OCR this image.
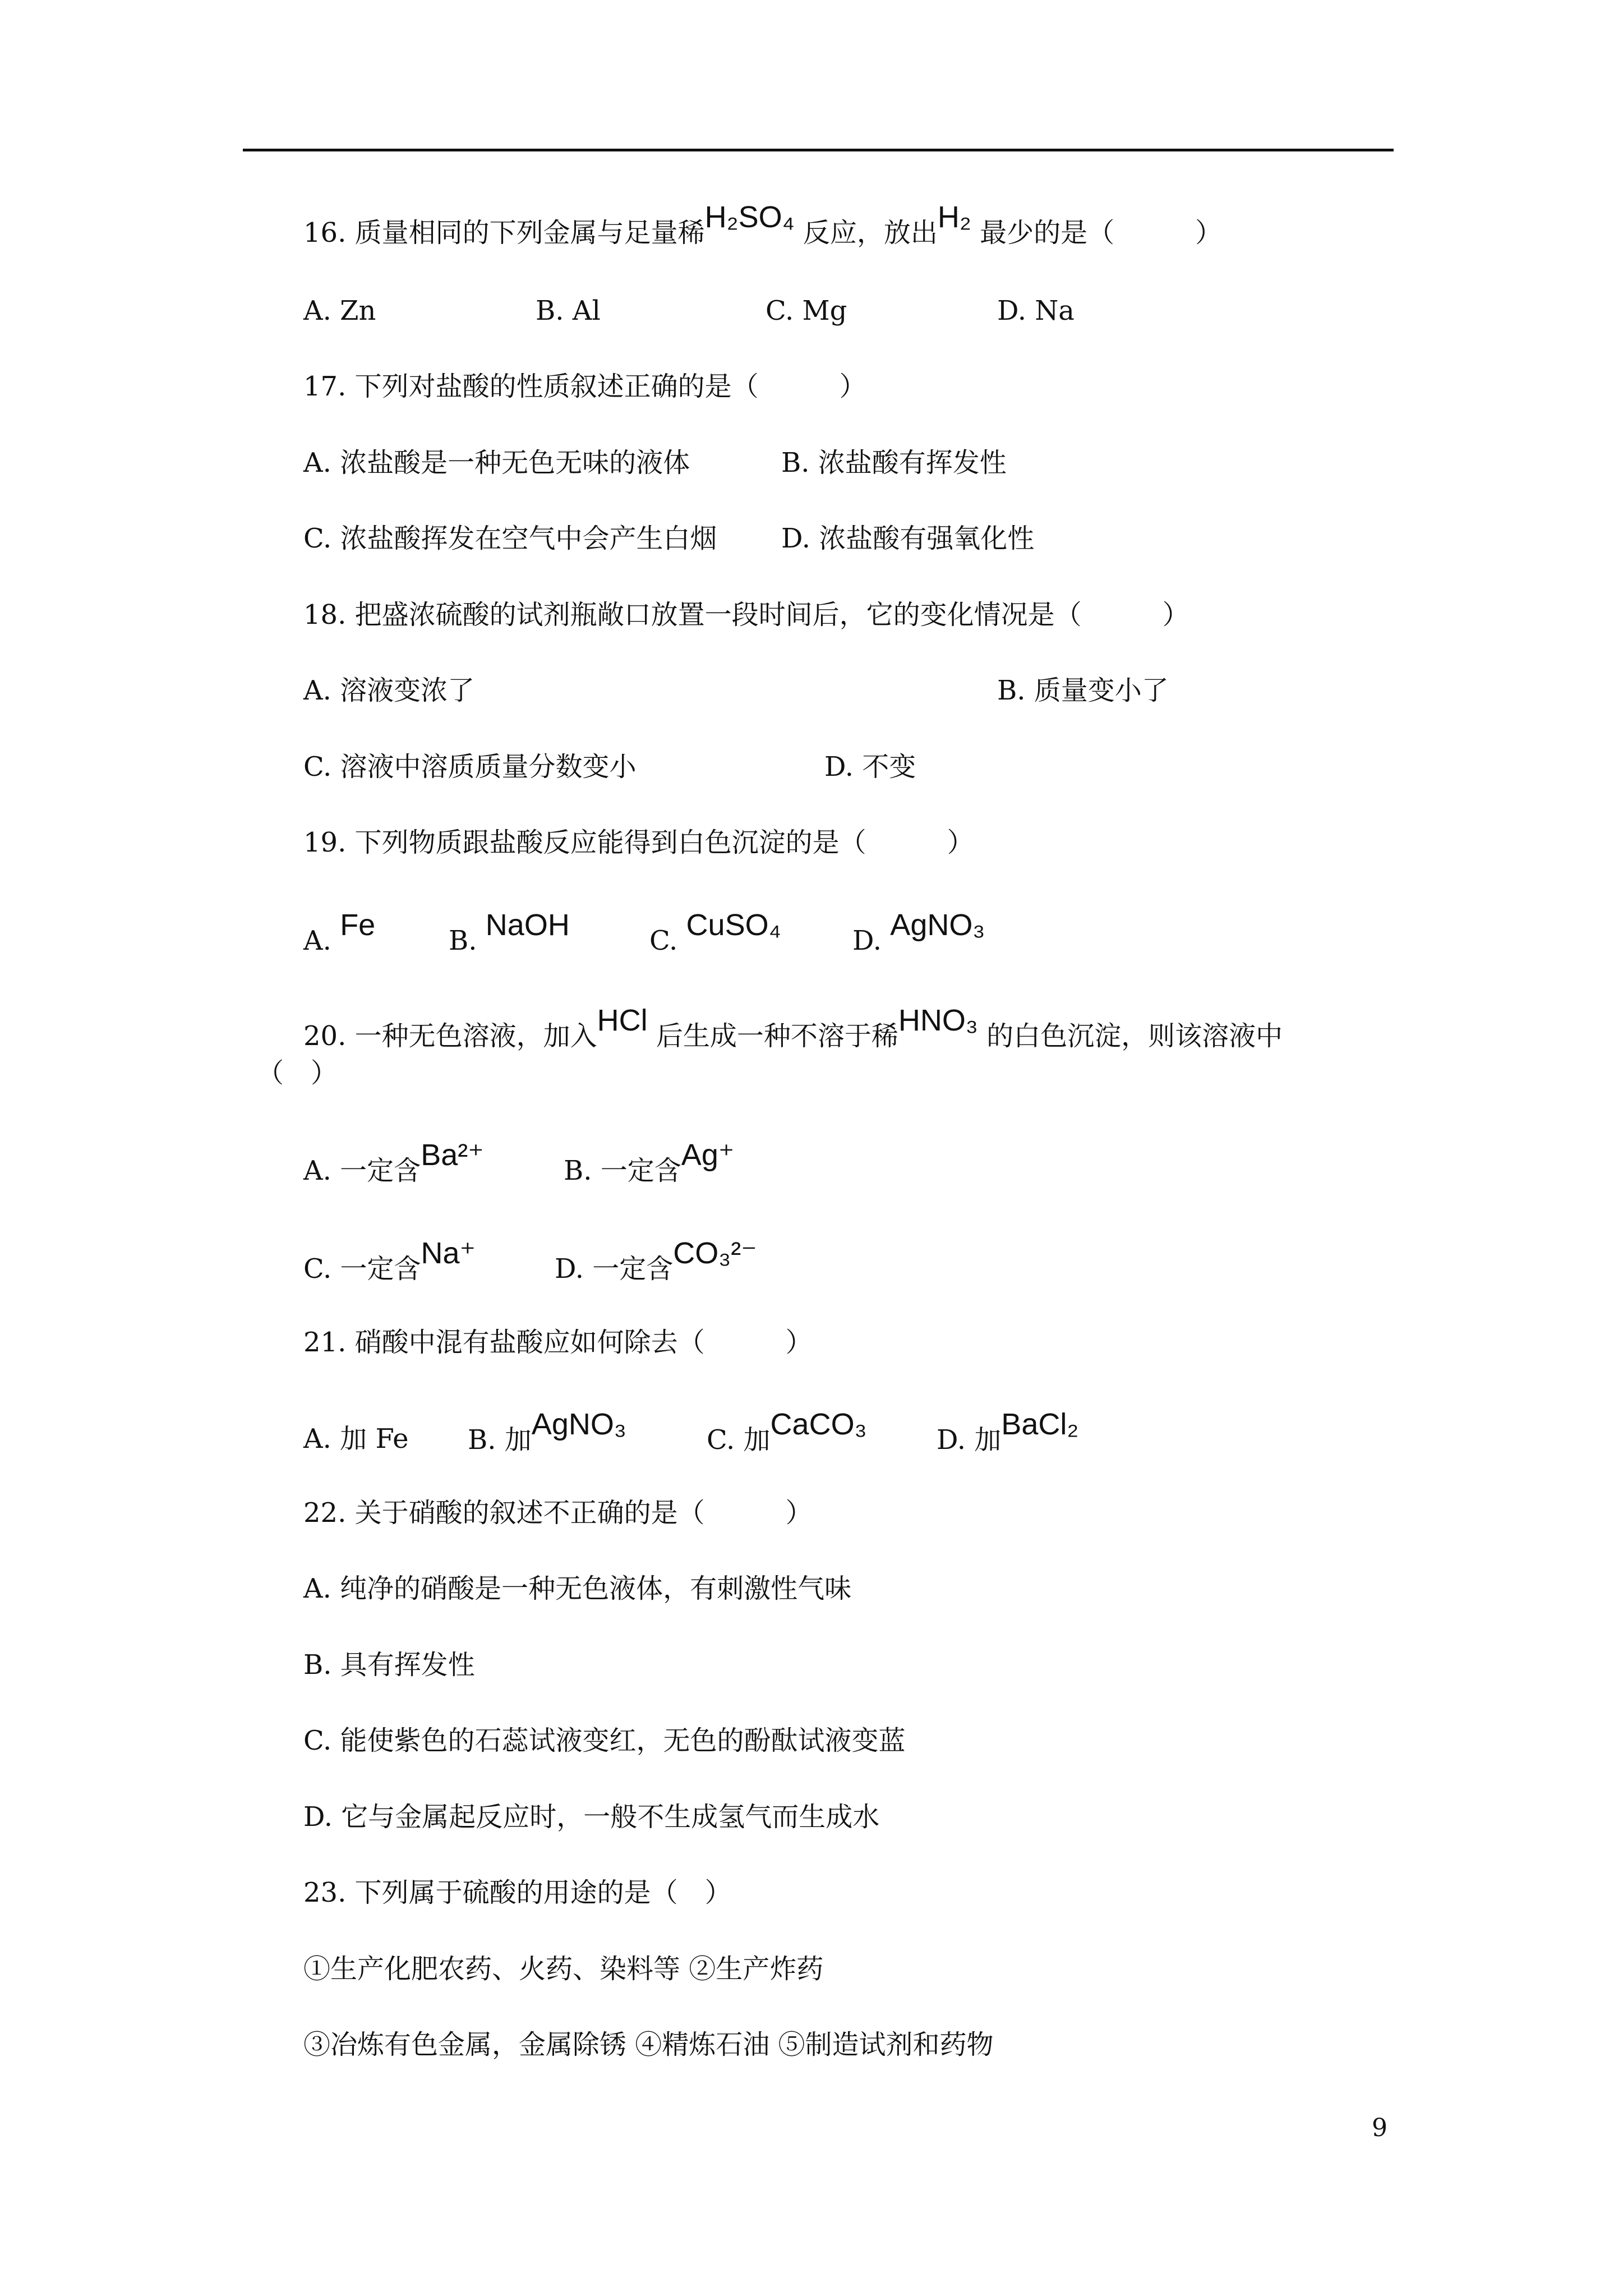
16. 质量相同的下列金属与足量稀H₂SO₄ 反应，放出H₂ 最少的是（　　　）
A. Zn	B. Al	C. Mg	D. Na
17. 下列对盐酸的性质叙述正确的是（　　　）
A. 浓盐酸是一种无色无味的液体	B. 浓盐酸有挥发性
C. 浓盐酸挥发在空气中会产生白烟 D. 浓盐酸有强氧化性
18. 把盛浓硫酸的试剂瓶敞口放置一段时间后，它的变化情况是（　　　）
A. 溶液变浓了	B. 质量变小了
C. 溶液中溶质质量分数变小	D. 不变
19. 下列物质跟盐酸反应能得到白色沉淀的是（　　　）
A. Fe	B. NaOH	C. CuSO₄	D. AgNO₃
20. 一种无色溶液，加入HCl 后生成一种不溶于稀HNO₃ 的白色沉淀，则该溶液中
（　）
A. 一定含Ba²⁺	B. 一定含Ag⁺
C. 一定含Na⁺	D. 一定含CO₃²⁻
21. 硝酸中混有盐酸应如何除去（　　　）
A. 加 Fe B. 加AgNO₃	C. 加CaCO₃	D. 加BaCl₂
22. 关于硝酸的叙述不正确的是（　　　）
A. 纯净的硝酸是一种无色液体，有刺激性气味
B. 具有挥发性
C. 能使紫色的石蕊试液变红，无色的酚酞试液变蓝
D. 它与金属起反应时，一般不生成氢气而生成水
23. 下列属于硫酸的用途的是（　）
①生产化肥农药、火药、染料等 ②生产炸药
③冶炼有色金属，金属除锈 ④精炼石油 ⑤制造试剂和药物
9
